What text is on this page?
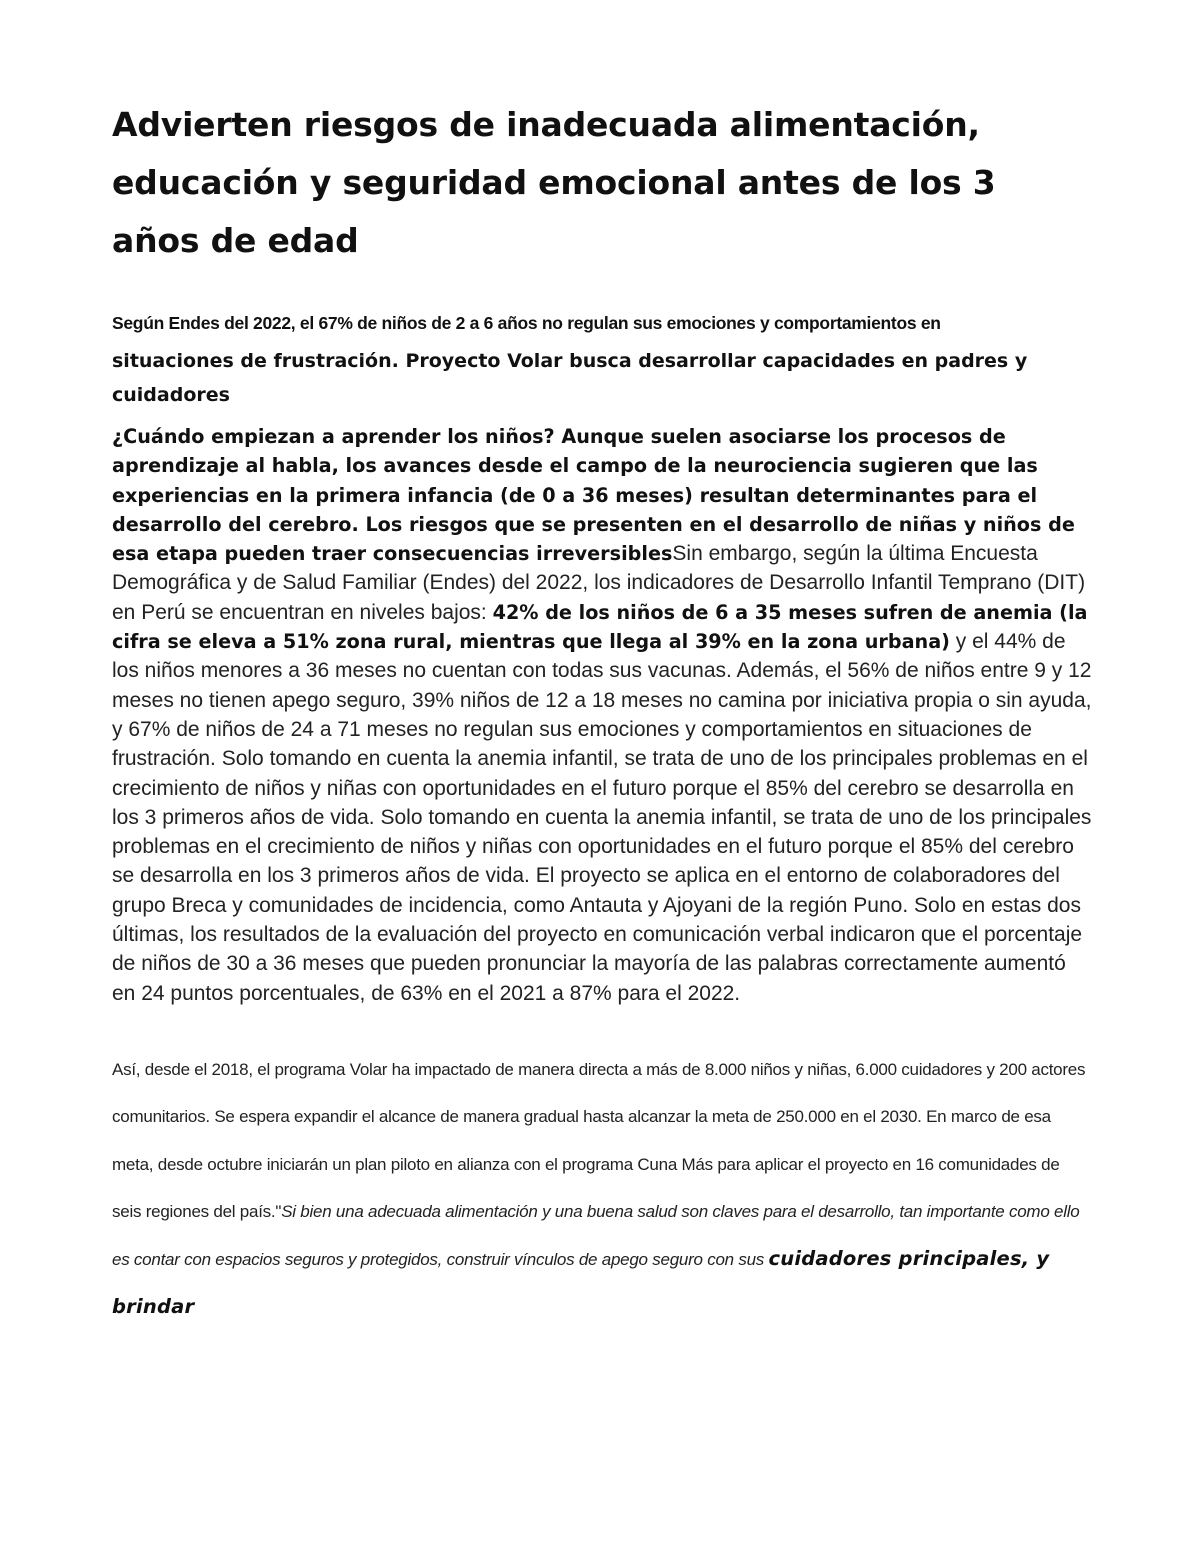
Advierten riesgos de inadecuada alimentación, educación y seguridad emocional antes de los 3 años de edad

Según Endes del 2022, el 67% de niños de 2 a 6 años no regulan sus emociones y comportamientos en

situaciones de frustración. Proyecto Volar busca desarrollar capacidades en padres y cuidadores

¿Cuándo empiezan a aprender los niños? Aunque suelen asociarse los procesos de aprendizaje al habla, los avances desde el campo de la neurociencia sugieren que las experiencias en la primera infancia (de 0 a 36 meses) resultan determinantes para el desarrollo del cerebro. Los riesgos que se presenten en el desarrollo de niñas y niños de esa etapa pueden traer consecuencias irreversiblesSin embargo, según la última Encuesta Demográfica y de Salud Familiar (Endes) del 2022, los indicadores de Desarrollo Infantil Temprano (DIT) en Perú se encuentran en niveles bajos: 42% de los niños de 6 a 35 meses sufren de anemia (la cifra se eleva a 51% zona rural, mientras que llega al 39% en la zona urbana) y el 44% de los niños menores a 36 meses no cuentan con todas sus vacunas. Además, el 56% de niños entre 9 y 12 meses no tienen apego seguro, 39% niños de 12 a 18 meses no camina por iniciativa propia o sin ayuda, y 67% de niños de 24 a 71 meses no regulan sus emociones y comportamientos en situaciones de frustración. Solo tomando en cuenta la anemia infantil, se trata de uno de los principales problemas en el crecimiento de niños y niñas con oportunidades en el futuro porque el 85% del cerebro se desarrolla en los 3 primeros años de vida. Solo tomando en cuenta la anemia infantil, se trata de uno de los principales problemas en el crecimiento de niños y niñas con oportunidades en el futuro porque el 85% del cerebro se desarrolla en los 3 primeros años de vida. El proyecto se aplica en el entorno de colaboradores del grupo Breca y comunidades de incidencia, como Antauta y Ajoyani de la región Puno. Solo en estas dos últimas, los resultados de la evaluación del proyecto en comunicación verbal indicaron que el porcentaje de niños de 30 a 36 meses que pueden pronunciar la mayoría de las palabras correctamente aumentó en 24 puntos porcentuales, de 63% en el 2021 a 87% para el 2022.

Así, desde el 2018, el programa Volar ha impactado de manera directa a más de 8.000 niños y niñas, 6.000 cuidadores y 200 actores comunitarios. Se espera expandir el alcance de manera gradual hasta alcanzar la meta de 250.000 en el 2030. En marco de esa meta, desde octubre iniciarán un plan piloto en alianza con el programa Cuna Más para aplicar el proyecto en 16 comunidades de seis regiones del país."Si bien una adecuada alimentación y una buena salud son claves para el desarrollo, tan importante como ello es contar con espacios seguros y protegidos, construir vínculos de apego seguro con sus cuidadores principales, y brindar
